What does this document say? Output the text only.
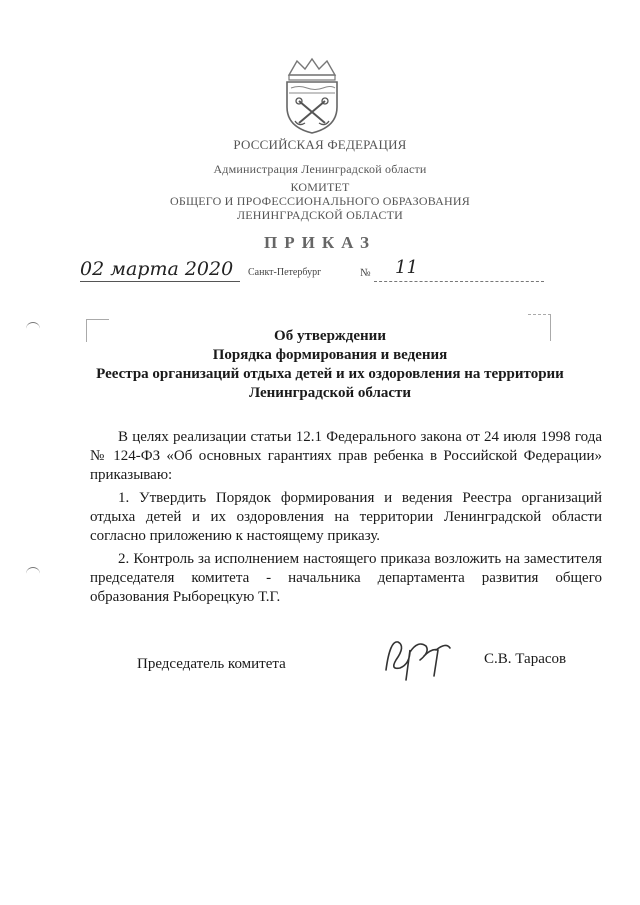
РОССИЙСКАЯ ФЕДЕРАЦИЯ
Администрация Ленинградской области
КОМИТЕТ
ОБЩЕГО И ПРОФЕССИОНАЛЬНОГО ОБРАЗОВАНИЯ
ЛЕНИНГРАДСКОЙ ОБЛАСТИ
ПРИКАЗ
02 марта 2020 Санкт-Петербург	№ 11
Об утверждении
Порядка формирования и ведения
Реестра организаций отдыха детей и их оздоровления на территории
Ленинградской области
В целях реализации статьи 12.1 Федерального закона от 24 июля 1998 года № 124-ФЗ «Об основных гарантиях прав ребенка в Российской Федерации» приказываю:
1. Утвердить Порядок формирования и ведения Реестра организаций отдыха детей и их оздоровления на территории Ленинградской области согласно приложению к настоящему приказу.
2. Контроль за исполнением настоящего приказа возложить на заместителя председателя комитета - начальника департамента развития общего образования Рыборецкую Т.Г.
Председатель комитета	С.В. Тарасов
